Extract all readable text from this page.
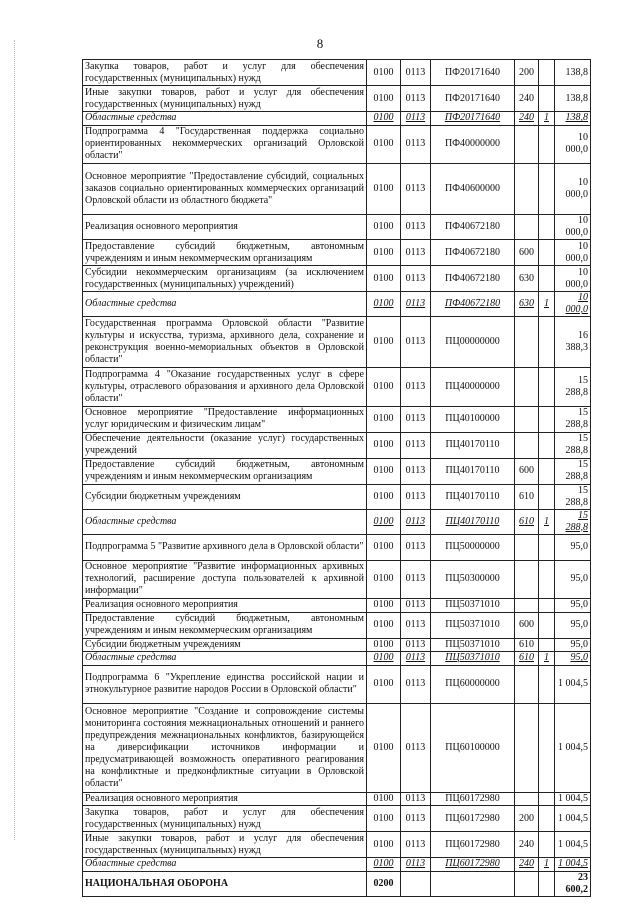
8
Закупка товаров, работ и услуг для обеспечения государственных (муниципальных) нужд	0100	0113	ПФ20171640	200		138,8
Иные закупки товаров, работ и услуг для обеспечения государственных (муниципальных) нужд	0100	0113	ПФ20171640	240		138,8
Областные средства	0100	0113	ПФ20171640	240	1	138,8
Подпрограмма 4 "Государственная поддержка социально ориентированных некоммерческих организаций Орловской области"	0100	0113	ПФ40000000			10 000,0
Основное мероприятие "Предоставление субсидий, социальных заказов социально ориентированных коммерческих организаций Орловской области из областного бюджета"	0100	0113	ПФ40600000			10 000,0
Реализация основного мероприятия	0100	0113	ПФ40672180			10 000,0
Предоставление субсидий бюджетным, автономным учреждениям и иным некоммерческим организациям	0100	0113	ПФ40672180	600		10 000,0
Субсидии некоммерческим организациям (за исключением государственных (муниципальных) учреждений)	0100	0113	ПФ40672180	630		10 000,0
Областные средства	0100	0113	ПФ40672180	630	1	10 000,0
Государственная программа Орловской области "Развитие культуры и искусства, туризма, архивного дела, сохранение и реконструкция военно-мемориальных объектов в Орловской области"	0100	0113	ПЦ00000000			16 388,3
Подпрограмма 4 "Оказание государственных услуг в сфере культуры, отраслевого образования и архивного дела Орловской области"	0100	0113	ПЦ40000000			15 288,8
Основное мероприятие "Предоставление информационных услуг юридическим и физическим лицам"	0100	0113	ПЦ40100000			15 288,8
Обеспечение деятельности (оказание услуг) государственных учреждений	0100	0113	ПЦ40170110			15 288,8
Предоставление субсидий бюджетным, автономным учреждениям и иным некоммерческим организациям	0100	0113	ПЦ40170110	600		15 288,8
Субсидии бюджетным учреждениям	0100	0113	ПЦ40170110	610		15 288,8
Областные средства	0100	0113	ПЦ40170110	610	1	15 288,8
Подпрограмма 5 "Развитие архивного дела в Орловской области"	0100	0113	ПЦ50000000			95,0
Основное мероприятие "Развитие информационных архивных технологий, расширение доступа пользователей к архивной информации"	0100	0113	ПЦ50300000			95,0
Реализация основного мероприятия	0100	0113	ПЦ50371010			95,0
Предоставление субсидий бюджетным, автономным учреждениям и иным некоммерческим организациям	0100	0113	ПЦ50371010	600		95,0
Субсидии бюджетным учреждениям	0100	0113	ПЦ50371010	610		95,0
Областные средства	0100	0113	ПЦ50371010	610	1	95,0
Подпрограмма 6 "Укрепление единства российской нации и этнокультурное развитие народов России в Орловской области"	0100	0113	ПЦ60000000			1 004,5
Основное мероприятие "Создание и сопровождение системы мониторинга состояния межнациональных отношений и раннего предупреждения межнациональных конфликтов, базирующейся на диверсификации источников информации и предусматривающей возможность оперативного реагирования на конфликтные и предконфликтные ситуации в Орловской области"	0100	0113	ПЦ60100000			1 004,5
Реализация основного мероприятия	0100	0113	ПЦ60172980			1 004,5
Закупка товаров, работ и услуг для обеспечения государственных (муниципальных) нужд	0100	0113	ПЦ60172980	200		1 004,5
Иные закупки товаров, работ и услуг для обеспечения государственных (муниципальных) нужд	0100	0113	ПЦ60172980	240		1 004,5
Областные средства	0100	0113	ПЦ60172980	240	1	1 004,5
НАЦИОНАЛЬНАЯ ОБОРОНА	0200					23 600,2
